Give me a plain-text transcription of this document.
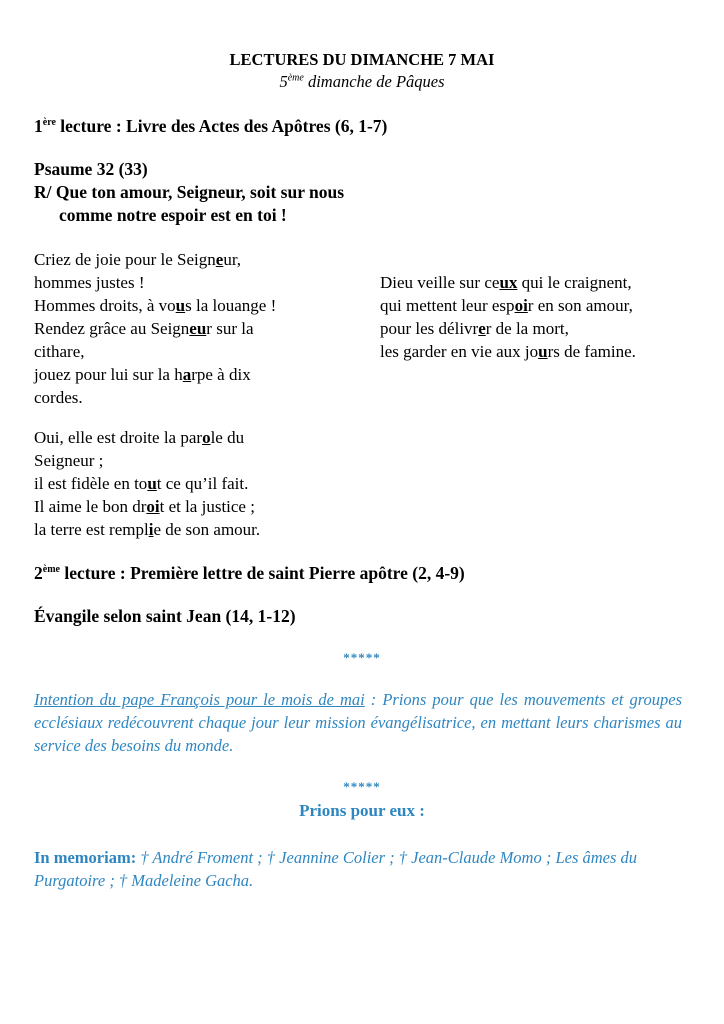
LECTURES DU DIMANCHE 7 MAI
5ème dimanche de Pâques
1ère lecture : Livre des Actes des Apôtres (6, 1-7)
Psaume 32 (33)
R/ Que ton amour, Seigneur, soit sur nous
comme notre espoir est en toi !

Criez de joie pour le Seigneur,

hommes justes !

Hommes droits, à vous la louange !

Rendez grâce au Seigneur sur la

cithare,

jouez pour lui sur la harpe à dix

cordes.

Oui, elle est droite la parole du

Seigneur ;

il est fidèle en tout ce qu’il fait.

Il aime le bon droit et la justice ;

la terre est remplie de son amour.

Dieu veille sur ceux qui le craignent,

qui mettent leur espoir en son amour,

pour les délivrer de la mort,

les garder en vie aux jours de famine.

2ème lecture : Première lettre de saint Pierre apôtre (2, 4-9)
Évangile selon saint Jean (14, 1-12)
*****
Intention du pape François pour le mois de mai : Prions pour que les mouvements et groupes ecclésiaux redécouvrent chaque jour leur mission évangélisatrice, en mettant leurs charismes au service des besoins du monde.
*****
Prions pour eux :
In memoriam: † André Froment ; † Jeannine Colier ; † Jean-Claude Momo ; Les âmes du Purgatoire ; † Madeleine Gacha.
